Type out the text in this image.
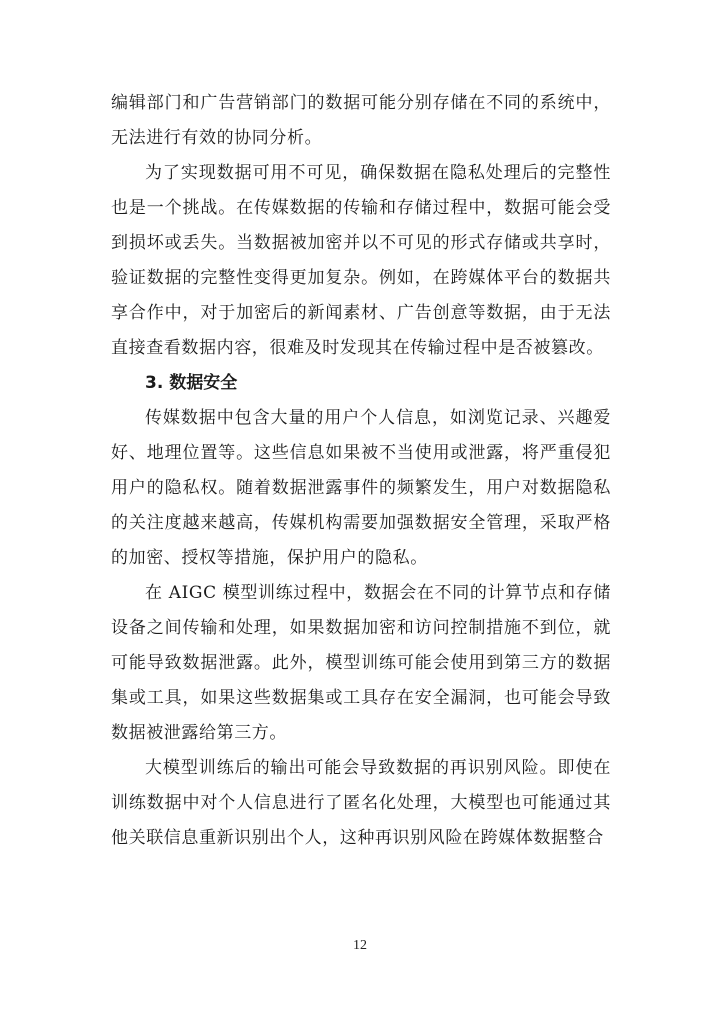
编辑部门和广告营销部门的数据可能分别存储在不同的系统中，无法进行有效的协同分析。

为了实现数据可用不可见，确保数据在隐私处理后的完整性也是一个挑战。在传媒数据的传输和存储过程中，数据可能会受到损坏或丢失。当数据被加密并以不可见的形式存储或共享时，验证数据的完整性变得更加复杂。例如，在跨媒体平台的数据共享合作中，对于加密后的新闻素材、广告创意等数据，由于无法直接查看数据内容，很难及时发现其在传输过程中是否被篡改。

3. 数据安全

传媒数据中包含大量的用户个人信息，如浏览记录、兴趣爱好、地理位置等。这些信息如果被不当使用或泄露，将严重侵犯用户的隐私权。随着数据泄露事件的频繁发生，用户对数据隐私的关注度越来越高，传媒机构需要加强数据安全管理，采取严格的加密、授权等措施，保护用户的隐私。

在 AIGC 模型训练过程中，数据会在不同的计算节点和存储设备之间传输和处理，如果数据加密和访问控制措施不到位，就可能导致数据泄露。此外，模型训练可能会使用到第三方的数据集或工具，如果这些数据集或工具存在安全漏洞，也可能会导致数据被泄露给第三方。

大模型训练后的输出可能会导致数据的再识别风险。即使在训练数据中对个人信息进行了匿名化处理，大模型也可能通过其他关联信息重新识别出个人，这种再识别风险在跨媒体数据整合

12
